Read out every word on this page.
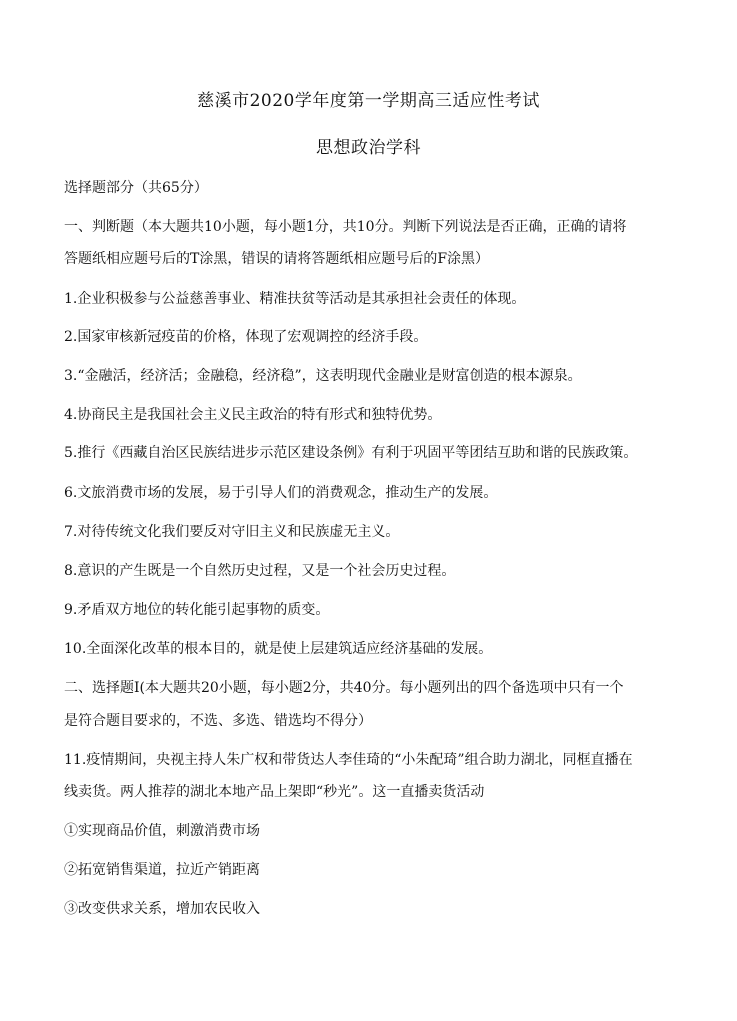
慈溪市2020学年度第一学期高三适应性考试
思想政治学科
选择题部分（共65分）
一、判断题（本大题共10小题，每小题1分，共10分。判断下列说法是否正确，正确的请将
答题纸相应题号后的T涂黑，错误的请将答题纸相应题号后的F涂黑）
1.企业积极参与公益慈善事业、精准扶贫等活动是其承担社会责任的体现。
2.国家审核新冠疫苗的价格，体现了宏观调控的经济手段。
3.“金融活，经济活；金融稳，经济稳”，这表明现代金融业是财富创造的根本源泉。
4.协商民主是我国社会主义民主政治的特有形式和独特优势。
5.推行《西藏自治区民族结进步示范区建设条例》有利于巩固平等团结互助和谐的民族政策。
6.文旅消费市场的发展，易于引导人们的消费观念，推动生产的发展。
7.对待传统文化我们要反对守旧主义和民族虚无主义。
8.意识的产生既是一个自然历史过程，又是一个社会历史过程。
9.矛盾双方地位的转化能引起事物的质变。
10.全面深化改革的根本目的，就是使上层建筑适应经济基础的发展。
二、选择题Ⅰ(本大题共20小题，每小题2分，共40分。每小题列出的四个备选项中只有一个
是符合题目要求的，不选、多选、错选均不得分）
11.疫情期间，央视主持人朱广权和带货达人李佳琦的“小朱配琦”组合助力湖北，同框直播在
线卖货。两人推荐的湖北本地产品上架即“秒光”。这一直播卖货活动
①实现商品价值，刺激消费市场
②拓宽销售渠道，拉近产销距离
③改变供求关系，增加农民收入
